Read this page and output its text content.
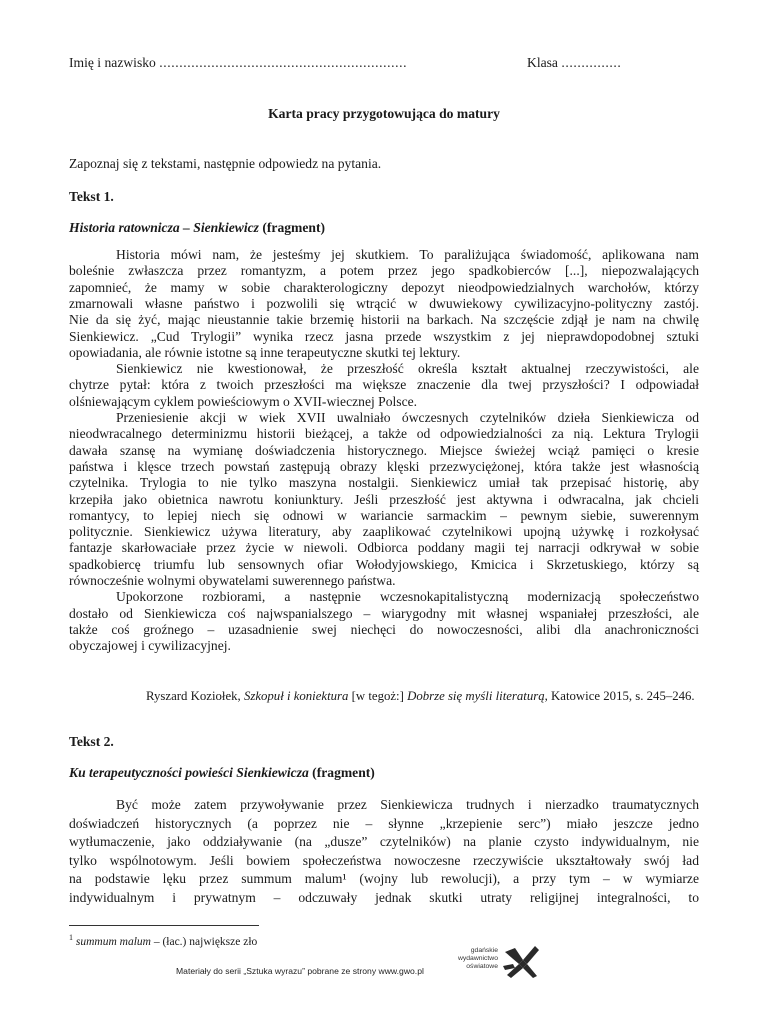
Imię i nazwisko ..............................................................	Klasa ...............
Karta pracy przygotowująca do matury
Zapoznaj się z tekstami, następnie odpowiedz na pytania.
Tekst 1.
Historia ratownicza – Sienkiewicz (fragment)
Historia mówi nam, że jesteśmy jej skutkiem. To paraliżująca świadomość, aplikowana nam
boleśnie zwłaszcza przez romantyzm, a potem przez jego spadkobierców [...], niepozwalających
zapomnieć, że mamy w sobie charakterologiczny depozyt nieodpowiedzialnych warchołów, którzy
zmarnowali własne państwo i pozwolili się wtrącić w dwuwiekowy cywilizacyjno-polityczny zastój.
Nie da się żyć, mając nieustannie takie brzemię historii na barkach. Na szczęście zdjął je nam na chwilę
Sienkiewicz. „Cud Trylogii” wynika rzecz jasna przede wszystkim z jej nieprawdopodobnej sztuki
opowiadania, ale równie istotne są inne terapeutyczne skutki tej lektury.
Sienkiewicz nie kwestionował, że przeszłość określa kształt aktualnej rzeczywistości, ale
chytrze pytał: która z twoich przeszłości ma większe znaczenie dla twej przyszłości? I odpowiadał
olśniewającym cyklem powieściowym o XVII-wiecznej Polsce.
Przeniesienie akcji w wiek XVII uwalniało ówczesnych czytelników dzieła Sienkiewicza od
nieodwracalnego determinizmu historii bieżącej, a także od odpowiedzialności za nią. Lektura Trylogii
dawała szansę na wymianę doświadczenia historycznego. Miejsce świeżej wciąż pamięci o kresie
państwa i klęsce trzech powstań zastępują obrazy klęski przezwyciężonej, która także jest własnością
czytelnika. Trylogia to nie tylko maszyna nostalgii. Sienkiewicz umiał tak przepisać historię, aby
krzepiła jako obietnica nawrotu koniunktury. Jeśli przeszłość jest aktywna i odwracalna, jak chcieli
romantycy, to lepiej niech się odnowi w wariancie sarmackim – pewnym siebie, suwerennym
politycznie. Sienkiewicz używa literatury, aby zaaplikować czytelnikowi upojną używkę i rozkołysać
fantazje skarłowaciałe przez życie w niewoli. Odbiorca poddany magii tej narracji odkrywał w sobie
spadkobiercę triumfu lub sensownych ofiar Wołodyjowskiego, Kmicica i Skrzetuskiego, którzy są
równocześnie wolnymi obywatelami suwerennego państwa.
Upokorzone rozbiorami, a następnie wczesnokapitalistyczną modernizacją społeczeństwo
dostało od Sienkiewicza coś najwspanialszego – wiarygodny mit własnej wspaniałej przeszłości, ale
także coś groźnego – uzasadnienie swej niechęci do nowoczesności, alibi dla anachroniczności
obyczajowej i cywilizacyjnej.
Ryszard Koziołek, Szkopuł i koniektura [w tegoż:] Dobrze się myśli literaturą, Katowice 2015, s. 245–246.
Tekst 2.
Ku terapeutyczności powieści Sienkiewicza (fragment)
Być może zatem przywoływanie przez Sienkiewicza trudnych i nierzadko traumatycznych
doświadczeń historycznych (a poprzez nie – słynne „krzepienie serc”) miało jeszcze jedno
wytłumaczenie, jako oddziaływanie (na „dusze” czytelników) na planie czysto indywidualnym, nie
tylko wspólnotowym. Jeśli bowiem społeczeństwa nowoczesne rzeczywiście ukształtowały swój ład
na podstawie lęku przez summum malum¹ (wojny lub rewolucji), a przy tym – w wymiarze
indywidualnym i prywatnym – odczuwały jednak skutki utraty religijnej integralności, to
$^1$ summum malum – (łac.) największe zło
Materiały do serii „Sztuka wyrazu” pobrane ze strony www.gwo.pl
gdańskie
wydawnictwo
oświatowe
